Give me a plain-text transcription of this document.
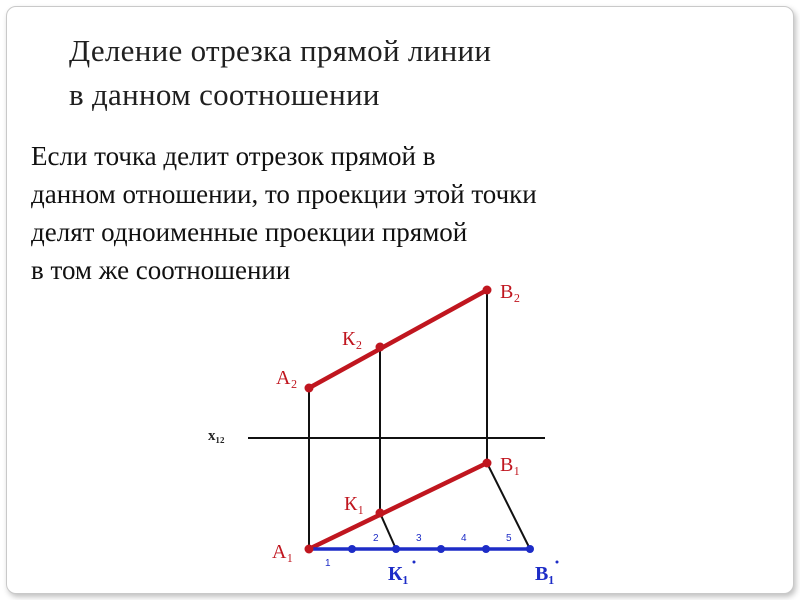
Деление отрезка прямой линии
в данном соотношении
Если точка делит отрезок прямой в
данном отношении, то проекции этой точки
делят одноименные проекции прямой
в том же соотношении
x₁₂
A₂
К₂
B₂
B₁
К₁
A₁
1
2	3	4	5
К₁	B₁
